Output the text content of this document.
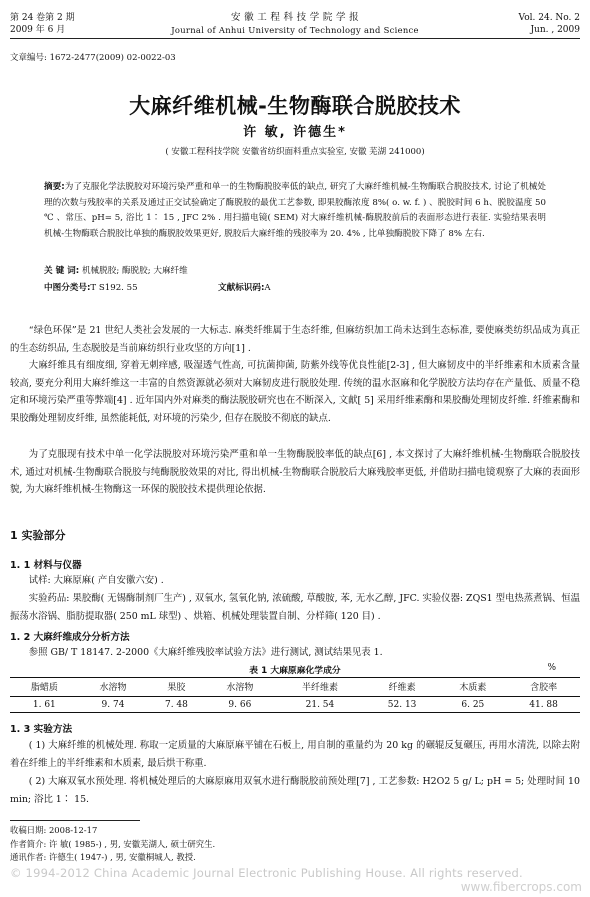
第 24 卷第 2 期
2009 年 6 月
安 徽 工 程 科 技 学 院 学 报
Journal of Anhui University of Technology and Science
Vol. 24. No. 2
Jun. , 2009
文章编号: 1672-2477(2009) 02-0022-03
大麻纤维机械-生物酶联合脱胶技术
许 敏, 许德生*
( 安徽工程科技学院 安徽省纺织面料重点实验室, 安徽 芜湖 241000)
摘要:为了克服化学法脱胶对环境污染严重和单一的生物酶脱胶率低的缺点, 研究了大麻纤维机械-生物酶联合脱胶技术, 讨论了机械处理的次数与残胶率的关系及通过正交试验确定了酶脱胶的最优工艺参数, 即果胶酶浓度 8%( o. w. f. ) 、脱胶时间 6 h、脱胶温度 50 ℃ 、常压、pH= 5, 浴比 1∶ 15 , JFC 2% . 用扫描电镜( SEM) 对大麻纤维机械-酶脱胶前后的表面形态进行表征. 实验结果表明机械-生物酶联合脱胶比单独的酶脱胶效果更好, 脱胶后大麻纤维的残胶率为 20. 4% , 比单独酶脱胶下降了 8% 左右.
关 键 词: 机械脱胶; 酶脱胶; 大麻纤维
中图分类号:T S192. 55	文献标识码:A
“绿色环保”是 21 世纪人类社会发展的一大标志. 麻类纤维属于生态纤维, 但麻纺织加工尚未达到生态标准, 要使麻类纺织品成为真正的生态纺织品, 生态脱胶是当前麻纺织行业攻坚的方向[1] .
大麻纤维具有细度细, 穿着无刺痒感, 吸湿透气性高, 可抗菌抑菌, 防紫外线等优良性能[2-3] , 但大麻韧皮中的半纤维素和木质素含量较高, 要充分利用大麻纤维这一丰富的自然资源就必须对大麻韧皮进行脱胶处理. 传统的温水沤麻和化学脱胶方法均存在产量低、质量不稳定和环境污染严重等弊端[4] . 近年国内外对麻类的酶法脱胶研究也在不断深入, 文献[ 5] 采用纤维素酶和果胶酶处理韧皮纤维. 纤维素酶和果胶酶处理韧皮纤维, 虽然能耗低, 对环境的污染少, 但存在脱胶不彻底的缺点.
为了克服现有技术中单一化学法脱胶对环境污染严重和单一生物酶脱胶率低的缺点[6] , 本文探讨了大麻纤维机械-生物酶联合脱胶技术, 通过对机械-生物酶联合脱胶与纯酶脱胶效果的对比, 得出机械-生物酶联合脱胶后大麻残胶率更低, 并借助扫描电镜观察了大麻的表面形貌, 为大麻纤维机械-生物酶这一环保的脱胶技术提供理论依据.
1 实验部分
1. 1 材料与仪器
试样: 大麻原麻( 产自安徽六安) .
实验药品: 果胶酶( 无锡酶制剂厂生产) , 双氧水, 氢氧化钠, 浓硫酸, 草酸胺, 苯, 无水乙醇, JFC. 实验仪器: ZQS1 型电热蒸煮锅、恒温振荡水浴锅、脂肪提取器( 250 mL 球型) 、烘箱、机械处理装置自制、分样筛( 120 目) .
1. 2 大麻纤维成分分析方法
参照 GB/ T 18147. 2-2000《大麻纤维残胶率试验方法》进行测试, 测试结果见表 1.
表 1 大麻原麻化学成分	%
脂蜡质	水溶物	果胶	水溶物	半纤维素	纤维素	木质素	含胶率
1. 61	9. 74	7. 48	9. 66	21. 54	52. 13	6. 25	41. 88
1. 3 实验方法
( 1) 大麻纤维的机械处理. 称取一定质量的大麻原麻平铺在石板上, 用自制的重量约为 20 kg 的碾辊反复碾压, 再用水清洗, 以除去附着在纤维上的半纤维素和木质素, 最后烘干称重.
( 2) 大麻双氧水预处理. 将机械处理后的大麻原麻用双氧水进行酶脱胶前预处理[7] , 工艺参数: H2O2 5 g/ L; pH = 5; 处理时间 10 min; 浴比 1∶ 15.
收稿日期: 2008-12-17
作者简介: 许 敏( 1985-) , 男, 安徽芜湖人, 硕士研究生.
通讯作者: 许德生( 1947-) , 男, 安徽桐城人, 教授.
© 1994-2012 China Academic Journal Electronic Publishing House. All rights reserved.
www.fibercrops.com
